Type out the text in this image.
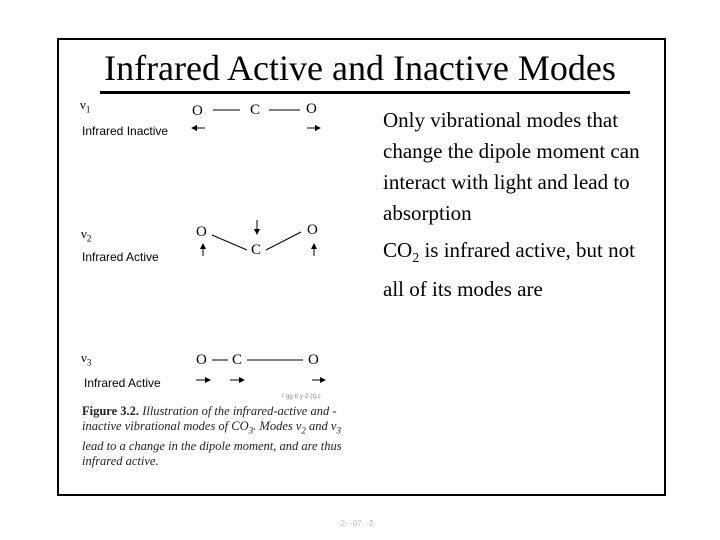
Infrared Active and Inactive Modes
$\nu_1$
Infrared Inactive
O	C	O
$\nu_2$
Infrared Active
O
C
O
$\nu_3$
Infrared Active
O C	O
r·gg·b·y·2·(t).c
Figure 3.2. Illustration of the infrared-active and -inactive vibrational modes of $CO_3$. Modes $\nu_2$ and $\nu_3$ lead to a change in the dipole moment, and are thus infrared active.

Only vibrational modes that change the dipole moment can interact with light and lead to absorption

$CO_2$ is infrared active, but not all of its modes are

·2· ·07· ·2·
